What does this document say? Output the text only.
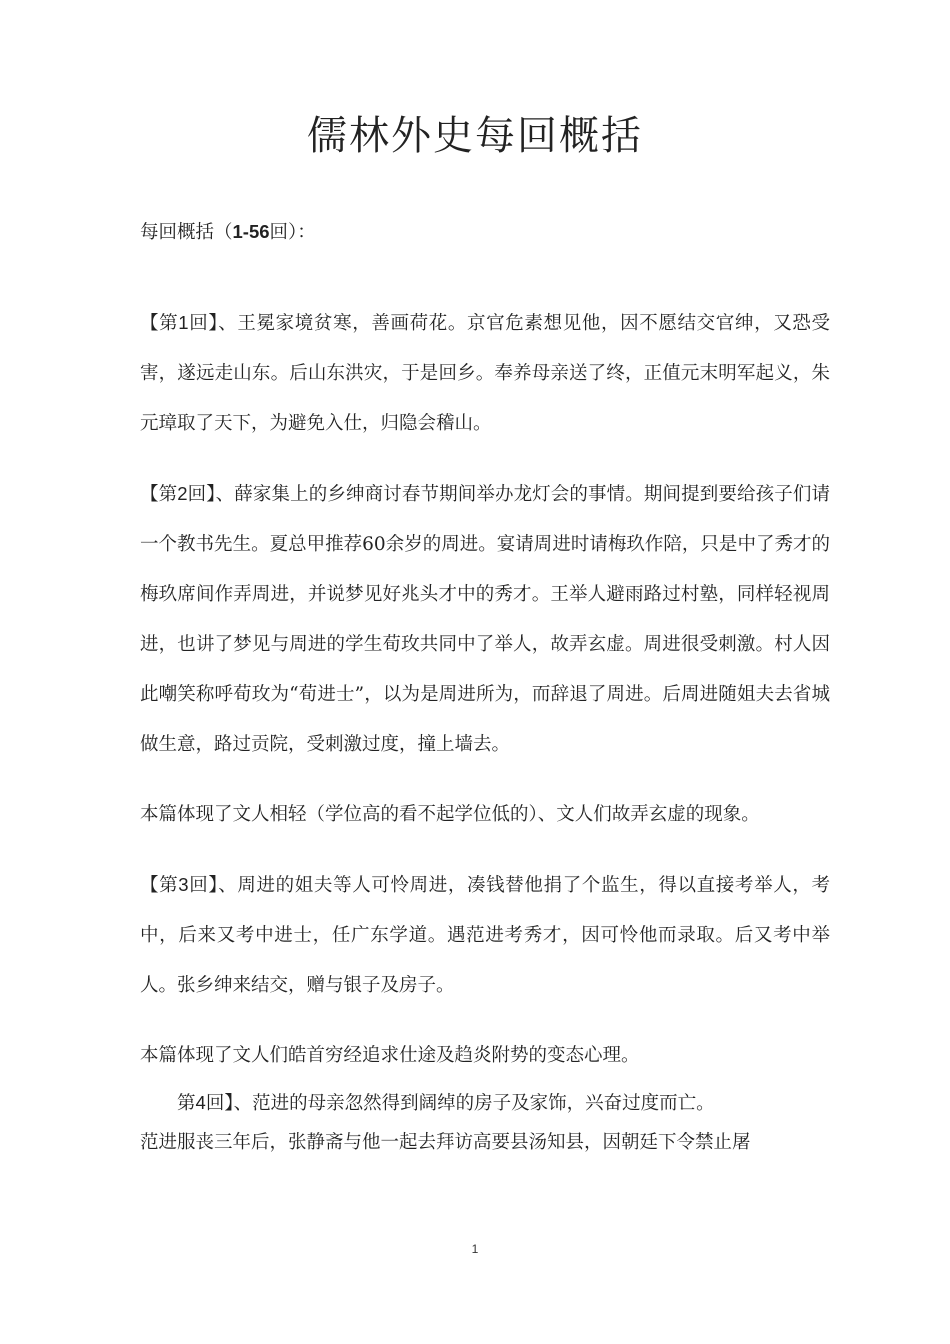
儒林外史每回概括

每回概括（1-56回）：

【第1回】、王冕家境贫寒，善画荷花。京官危素想见他，因不愿结交官绅，又恐受害，遂远走山东。后山东洪灾，于是回乡。奉养母亲送了终，正值元末明军起义，朱元璋取了天下，为避免入仕，归隐会稽山。

【第2回】、薛家集上的乡绅商讨春节期间举办龙灯会的事情。期间提到要给孩子们请一个教书先生。夏总甲推荐60余岁的周进。宴请周进时请梅玖作陪，只是中了秀才的梅玖席间作弄周进，并说梦见好兆头才中的秀才。王举人避雨路过村塾，同样轻视周进，也讲了梦见与周进的学生荀玫共同中了举人，故弄玄虚。周进很受刺激。村人因此嘲笑称呼荀玫为“荀进士”，以为是周进所为，而辞退了周进。后周进随姐夫去省城做生意，路过贡院，受刺激过度，撞上墙去。

本篇体现了文人相轻（学位高的看不起学位低的）、文人们故弄玄虚的现象。

【第3回】、周进的姐夫等人可怜周进，凑钱替他捐了个监生，得以直接考举人，考中，后来又考中进士，任广东学道。遇范进考秀才，因可怜他而录取。后又考中举人。张乡绅来结交，赠与银子及房子。

本篇体现了文人们皓首穷经追求仕途及趋炎附势的变态心理。

第4回】、范进的母亲忽然得到阔绰的房子及家饰，兴奋过度而亡。

范进服丧三年后，张静斋与他一起去拜访高要县汤知县，因朝廷下令禁止屠

1
